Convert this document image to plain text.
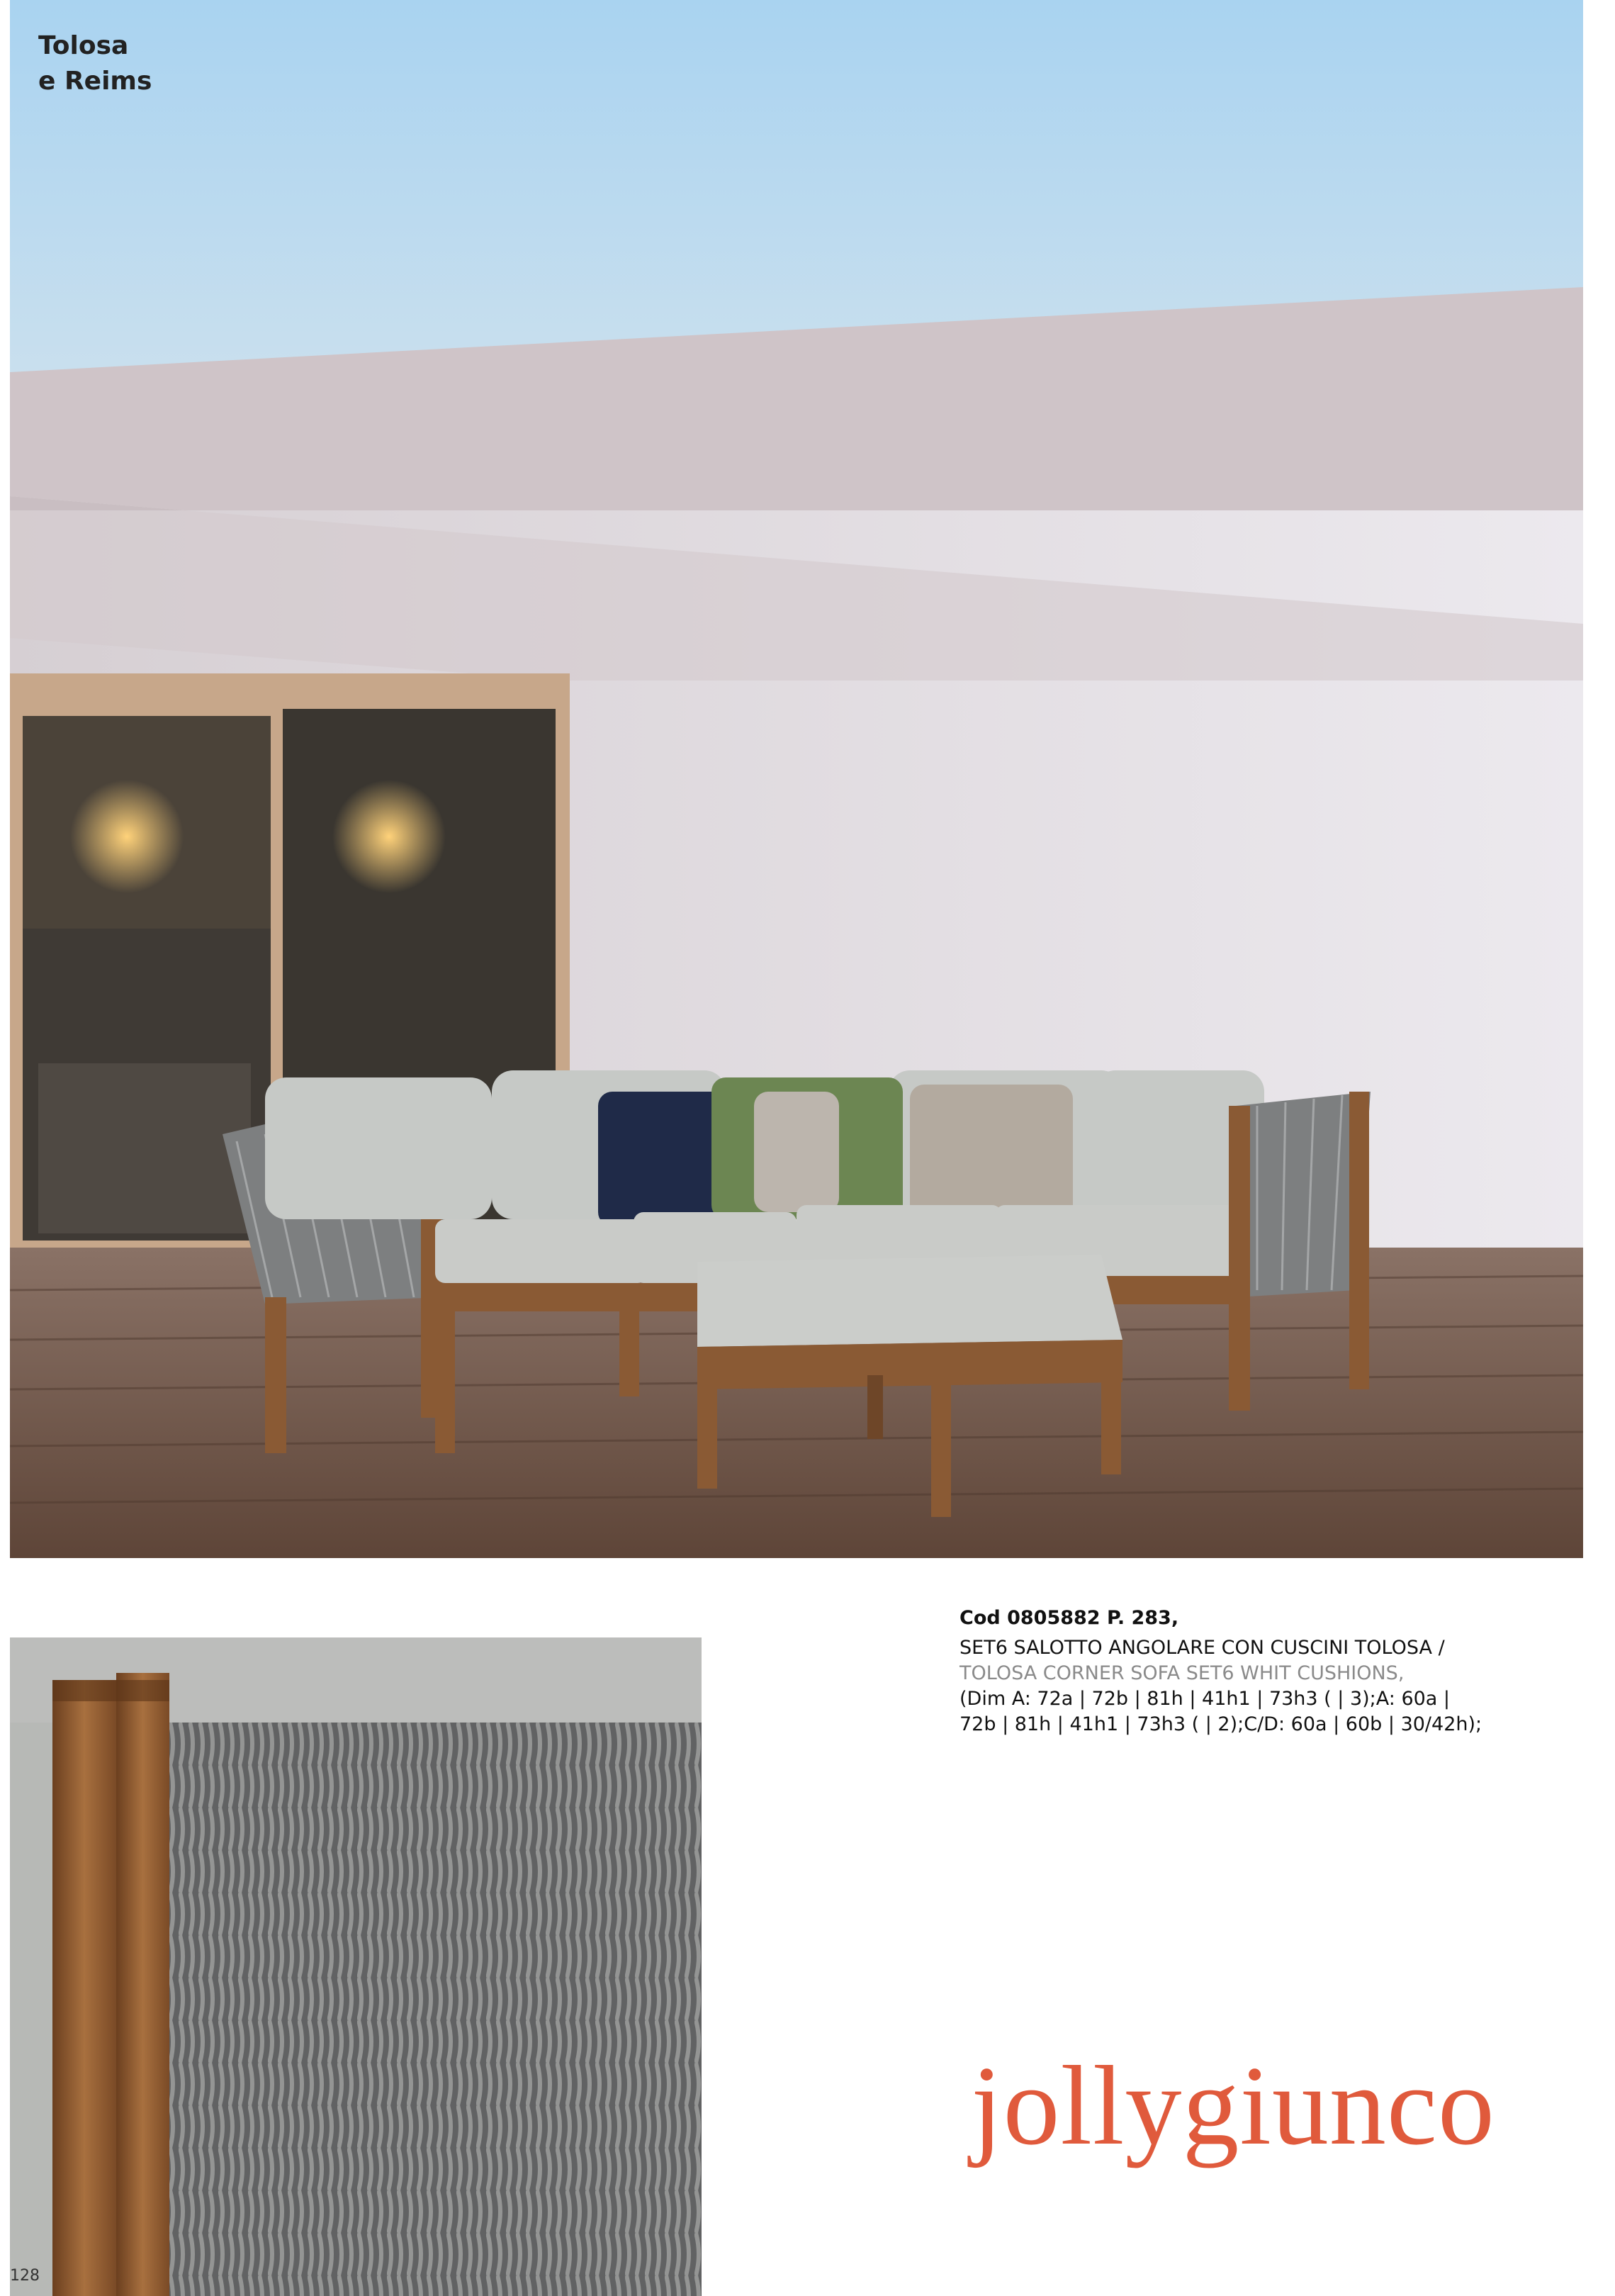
Tolosa
e Reims
128
Cod 0805882 P. 283,
SET6 SALOTTO ANGOLARE CON CUSCINI TOLOSA /
TOLOSA CORNER SOFA SET6 WHIT CUSHIONS,
(Dim A: 72a | 72b | 81h | 41h1 | 73h3 ( | 3);A: 60a |
72b | 81h | 41h1 | 73h3 ( | 2);C/D: 60a | 60b | 30/42h);
jollygiunco
